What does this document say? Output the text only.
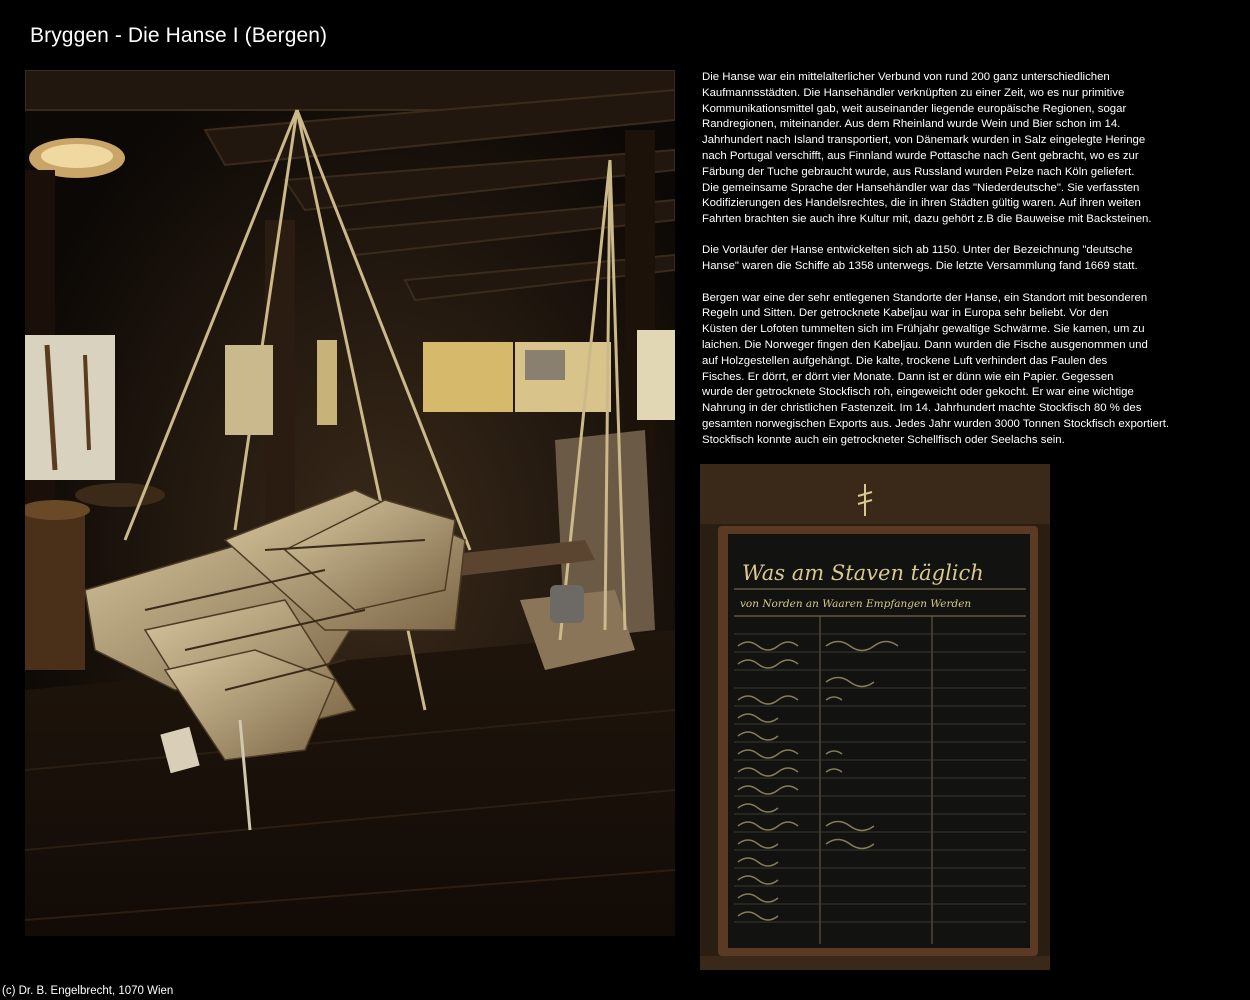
Bryggen - Die Hanse I (Bergen)

Die Hanse war ein mittelalterlicher Verbund von rund 200 ganz unterschiedlichen
Kaufmannsstädten. Die Hansehändler verknüpften zu einer Zeit, wo es nur primitive
Kommunikationsmittel gab, weit auseinander liegende europäische Regionen, sogar
Randregionen, miteinander. Aus dem Rheinland wurde Wein und Bier schon im 14.
Jahrhundert nach Island transportiert, von Dänemark wurden in Salz eingelegte Heringe
nach Portugal verschifft, aus Finnland wurde Pottasche nach Gent gebracht, wo es zur
Färbung der Tuche gebraucht wurde, aus Russland wurden Pelze nach Köln geliefert.
Die gemeinsame Sprache der Hansehändler war das "Niederdeutsche". Sie verfassten
Kodifizierungen des Handelsrechtes, die in ihren Städten gültig waren. Auf ihren weiten
Fahrten brachten sie auch ihre Kultur mit, dazu gehört z.B die Bauweise mit Backsteinen.

Die Vorläufer der Hanse entwickelten sich ab 1150. Unter der Bezeichnung "deutsche
Hanse" waren die Schiffe ab 1358 unterwegs. Die letzte Versammlung fand 1669 statt.

Bergen war eine der sehr entlegenen Standorte der Hanse, ein Standort mit besonderen
Regeln und Sitten. Der getrocknete Kabeljau war in Europa sehr beliebt. Vor den
Küsten der Lofoten tummelten sich im Frühjahr gewaltige Schwärme. Sie kamen, um zu
laichen. Die Norweger fingen den Kabeljau. Dann wurden die Fische ausgenommen und
auf Holzgestellen aufgehängt. Die kalte, trockene Luft verhindert das Faulen des
Fisches. Er dörrt, er dörrt vier Monate. Dann ist er dünn wie ein Papier. Gegessen
wurde der getrocknete Stockfisch roh, eingeweicht oder gekocht. Er war eine wichtige
Nahrung in der christlichen Fastenzeit. Im 14. Jahrhundert machte Stockfisch 80 % des
gesamten norwegischen Exports aus. Jedes Jahr wurden 3000 Tonnen Stockfisch exportiert.
Stockfisch konnte auch ein getrockneter Schellfisch oder Seelachs sein.

Was am Staven täglich
von Norden an Waaren Empfangen Werden
(c) Dr. B. Engelbrecht, 1070 Wien
